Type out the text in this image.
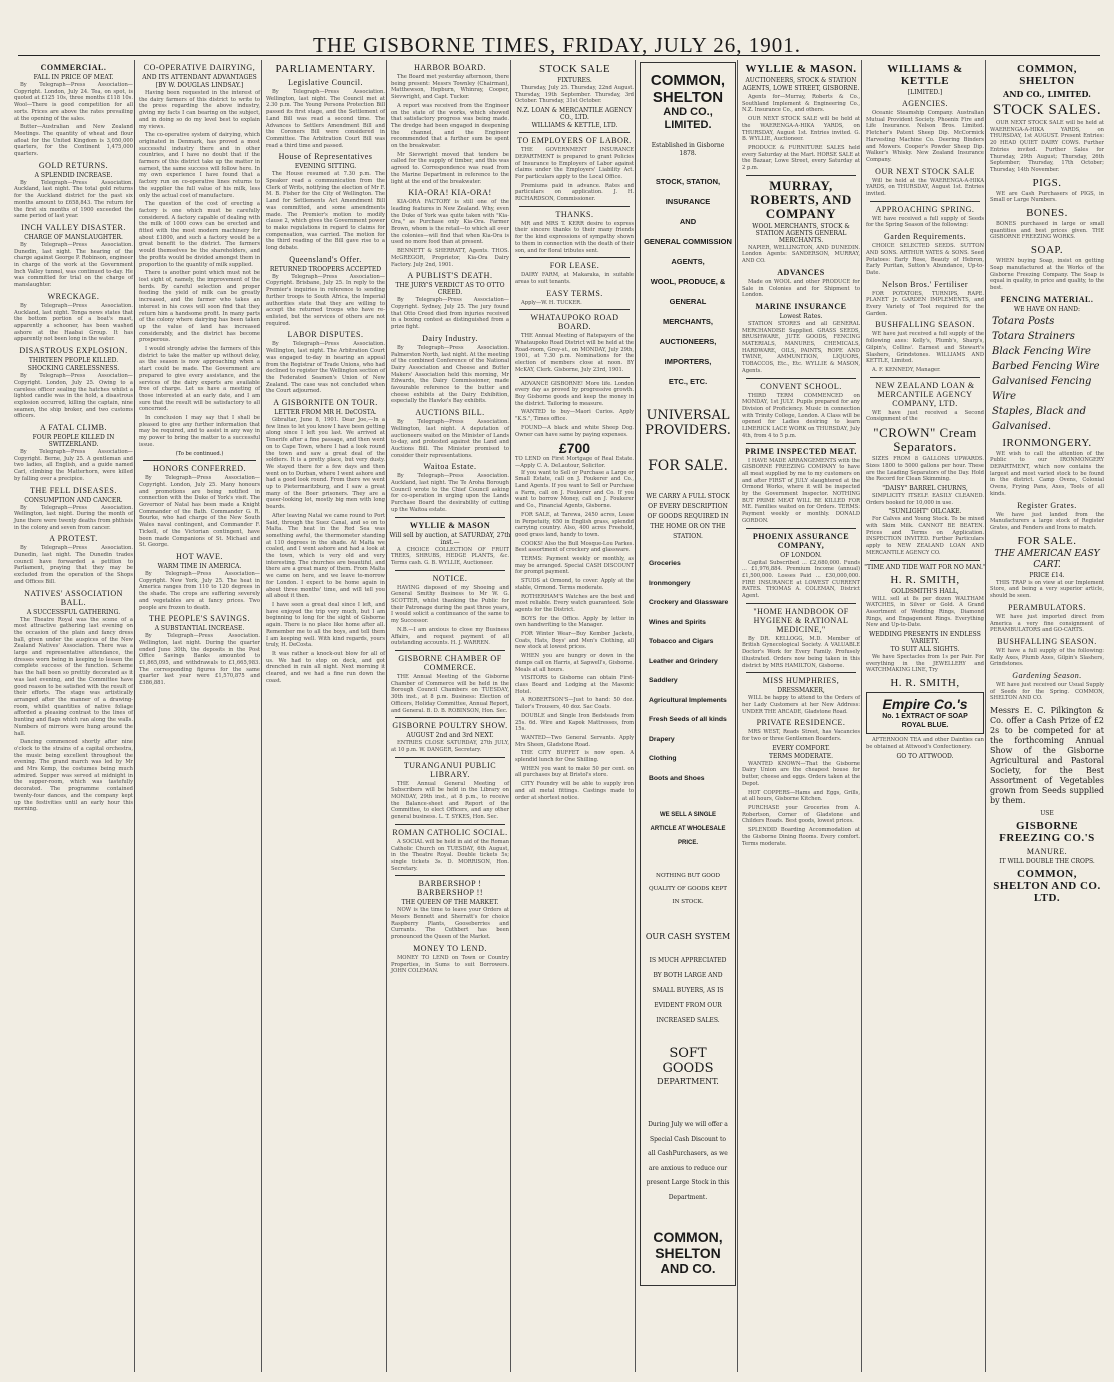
THE GISBORNE TIMES, FRIDAY, JULY 26, 1901.
COMMERCIAL.
FALL IN PRICE OF MEAT.

By Telegraph—Press Association—Copyright. London, July 24. Tea, on spot, is quoted at £125 10s, three months £118 10s. Wool—There is good competition for all sorts. Prices are above the rates prevailing at the opening of the sales.

Butter—Australian and New Zealand Meetings. The quantity of wheat and flour afloat for the United Kingdom is 3,050,000 quarters, for the Continent 1,475,000 quarters.

GOLD RETURNS.
A SPLENDID INCREASE.

By Telegraph—Press Association. Auckland, last night. The total gold returns for the Auckland district for the past six months amount to £658,843. The return for the first six months of 1900 exceeded the same period of last year.

INCH VALLEY DISASTER.
CHARGE OF MANSLAUGHTER.

By Telegraph—Press Association. Dunedin, last night. The hearing of the charge against George P. Robinson, engineer in charge of the work at the Government Inch Valley tunnel, was continued to-day. He was committed for trial on the charge of manslaughter.

WRECKAGE.

By Telegraph—Press Association. Auckland, last night. Tonga news states that the bottom portion of a boat's mast, apparently a schooner, has been washed ashore at the Haabai Group. It has apparently not been long in the water.

DISASTROUS EXPLOSION.
THIRTEEN PEOPLE KILLED.
SHOCKING CARELESSNESS.

By Telegraph—Press Association—Copyright. London, July 25. Owing to a careless officer sealing the hatches whilst a lighted candle was in the hold, a disastrous explosion occurred, killing the captain, nine seamen, the ship broker, and two customs officers.

A FATAL CLIMB.
FOUR PEOPLE KILLED IN SWITZERLAND.

By Telegraph—Press Association—Copyright. Berne, July 25. A gentleman and two ladies, all English, and a guide named Carl, climbing the Matterhorn, were killed by falling over a precipice.

THE FELL DISEASES.
CONSUMPTION AND CANCER.

By Telegraph—Press Association. Wellington, last night. During the month of June there were twenty deaths from phthisis in the colony and seven from cancer.

A PROTEST.

By Telegraph—Press Association. Dunedin, last night. The Dunedin trades council have forwarded a petition to Parliament, praying that they may be excluded from the operation of the Shops and Offices Bill.

NATIVES' ASSOCIATION BALL.
A SUCCESSFUL GATHERING.

The Theatre Royal was the scene of a most attractive gathering last evening on the occasion of the plain and fancy dress ball, given under the auspices of the New Zealand Natives' Association. There was a large and representative attendance, the dresses worn being in keeping to lessen the complete success of the function. Scheme has the hall been so prettily decorated as it was last evening, and the Committee have good reason to be satisfied with the result of their efforts. The stage was artistically arranged after the manner of a drawing-room, whilst quantities of native foliage afforded a pleasing contrast to the lines of bunting and flags which ran along the walls. Numbers of mirrors were hung around the hall.

Dancing commenced shortly after nine o'clock to the strains of a capital orchestra, the music being excellent throughout the evening. The grand march was led by Mr and Mrs Kemp, the costumes being much admired. Supper was served at midnight in the supper-room, which was tastefully decorated. The programme contained twenty-four dances, and the company kept up the festivities until an early hour this morning.

CO-OPERATIVE DAIRYING,
AND ITS ATTENDANT ADVANTAGES
[BY W. DOUGLAS LINDSAY.]

Having been requested in the interest of the dairy farmers of this district to write to the press regarding the above industry, giving my facts I can bearing on the subject, and in doing so do my level best to explain my views.

The co-operative system of dairying, which originated in Denmark, has proved a most successful industry there and in other countries, and I have no doubt that if the farmers of this district take up the matter in earnest, the same success will follow here. In my own experience I have found that a factory run on co-operative lines returns to the supplier the full value of his milk, less only the actual cost of manufacture.

The question of the cost of erecting a factory is one which must be carefully considered. A factory capable of dealing with the milk of 1000 cows can be erected and fitted with the most modern machinery for about £1800, and such a factory would be a great benefit to the district. The farmers would themselves be the shareholders, and the profits would be divided amongst them in proportion to the quantity of milk supplied.

There is another point which must not be lost sight of, namely, the improvement of the herds. By careful selection and proper feeding the yield of milk can be greatly increased, and the farmer who takes an interest in his cows will soon find that they return him a handsome profit. In many parts of the colony where dairying has been taken up the value of land has increased considerably, and the district has become prosperous.

I would strongly advise the farmers of this district to take the matter up without delay, as the season is now approaching when a start could be made. The Government are prepared to give every assistance, and the services of the dairy experts are available free of charge. Let us have a meeting of those interested at an early date, and I am sure that the result will be satisfactory to all concerned.

In conclusion I may say that I shall be pleased to give any further information that may be required, and to assist in any way in my power to bring the matter to a successful issue.

(To be continued.)
HONORS CONFERRED.

By Telegraph—Press Association—Copyright. London, July 25. Many honours and promotions are being notified in connection with the Duke of York's visit. The Governor of Natal has been made a Knight Commander of the Bath. Commander G. R. Bourke, who had charge of the New South Wales naval contingent, and Commander F. Tickell, of the Victorian contingent, have been made Companions of St. Michael and St. George.

HOT WAVE.
WARM TIME IN AMERICA.

By Telegraph—Press Association—Copyright. New York, July 25. The heat in America ranges from 110 to 120 degrees in the shade. The crops are suffering severely and vegetables are at fancy prices. Two people are frozen to death.

THE PEOPLE'S SAVINGS.
A SUBSTANTIAL INCREASE.

By Telegraph—Press Association. Wellington, last night. During the quarter ended June 30th, the deposits in the Post Office Savings Banks amounted to £1,865,095, and withdrawals to £1,665,983. The corresponding figures for the same quarter last year were £1,570,875 and £386,881.

PARLIAMENTARY.
Legislative Council.

By Telegraph—Press Association. Wellington, last night. The Council met at 2.30 p.m. The Young Persons Protection Bill passed its first stage, and the Settlement of Land Bill was read a second time. The Advances to Settlers Amendment Bill and the Coroners Bill were considered in Committee. The Arbitration Court Bill was read a third time and passed.

House of Representatives
EVENING SITTING.

The House resumed at 7.30 p.m. The Speaker read a communication from the Clerk of Writs, notifying the election of Mr F. M. B. Fisher for the City of Wellington. The Land for Settlements Act Amendment Bill was committed, and some amendments made. The Premier's motion to modify clause 2, which gives the Government power to make regulations in regard to claims for compensation, was carried. The motion for the third reading of the Bill gave rise to a long debate.

Queensland's Offer.
RETURNED TROOPERS ACCEPTED

By Telegraph—Press Association—Copyright. Brisbane, July 25. In reply to the Premier's inquiries in reference to sending further troops to South Africa, the Imperial authorities state that they are willing to accept the returned troops who have re-enlisted, but the services of others are not required.

LABOR DISPUTES.

By Telegraph—Press Association. Wellington, last night. The Arbitration Court was engaged to-day in hearing an appeal from the Registrar of Trade Unions, who had declined to register the Wellington section of the Federated Seamen's Union of New Zealand. The case was not concluded when the Court adjourned.

A GISBORNITE ON TOUR.
LETTER FROM MR H. DeCOSTA.

Gibraltar, June 8, 1901. Dear Joe,—In a few lines to let you know I have been getting along since I left you last. We arrived at Tenerife after a fine passage, and then went on to Cape Town, where I had a look round the town and saw a great deal of the soldiers. It is a pretty place, but very dusty. We stayed there for a few days and then went on to Durban, where I went ashore and had a good look round. From there we went up to Pietermaritzburg, and I saw a great many of the Boer prisoners. They are a queer-looking lot, mostly big men with long beards.

After leaving Natal we came round to Port Said, through the Suez Canal, and so on to Malta. The heat in the Red Sea was something awful, the thermometer standing at 110 degrees in the shade. At Malta we coaled, and I went ashore and had a look at the town, which is very old and very interesting. The churches are beautiful, and there are a great many of them. From Malta we came on here, and we leave to-morrow for London. I expect to be home again in about three months' time, and will tell you all about it then.

I have seen a great deal since I left, and have enjoyed the trip very much, but I am beginning to long for the sight of Gisborne again. There is no place like home after all. Remember me to all the boys, and tell them I am keeping well. With kind regards, yours truly, H. DeCosta.

It was rather a knock-out blow for all of us. We had to stop on deck, and got drenched in rain all night. Next morning it cleared, and we had a fine run down the coast.

HARBOR BOARD.

The Board met yesterday afternoon, there being present: Messrs Townley (Chairman), Matthewson, Hepburn, Whinray, Cooper, Sievwright, and Capt. Tucker.

A report was received from the Engineer on the state of the works, which showed that satisfactory progress was being made. The dredge had been engaged in deepening the channel, and the Engineer recommended that a further sum be spent on the breakwater.

Mr Sievwright moved that tenders be called for the supply of timber, and this was agreed to. Correspondence was read from the Marine Department in reference to the light at the end of the breakwater.

KIA-ORA! KIA-ORA!

KIA-ORA FACTORY is still one of the leading features in New Zealand. Why, even the Duke of York was quite taken with "Kia-Ora," as Purchase only Kia-Ora. Farmer Brown, whom is the retail—to which all over the colonies—will find that when Kia-Ora is used no more food than at present.

BENNETT & SHERRATT, Agents. THOS. McGREGOR, Proprietor, Kia-Ora Dairy Factory. July 2nd, 1901.

A PUBLIST'S DEATH.
THE JURY'S VERDICT AS TO OTTO CREED.

By Telegraph—Press Association—Copyright. Sydney, July 25. The jury found that Otto Creed died from injuries received in a boxing contest as distinguished from a prize fight.

Dairy Industry.

By Telegraph—Press Association. Palmerston North, last night. At the meeting of the combined Conference of the National Dairy Association and Cheese and Butter Makers' Association held this morning, Mr Edwards, the Dairy Commissioner, made favourable reference to the butter and cheese exhibits at the Dairy Exhibition, especially the Hawke's Bay exhibits.

AUCTIONS BILL.

By Telegraph—Press Association. Wellington, last night. A deputation of auctioneers waited on the Minister of Lands to-day, and protested against the Land and Auctions Bill. The Minister promised to consider their representations.

Waitoa Estate.

By Telegraph—Press Association. Auckland, last night. The Te Aroha Borough Council wrote to the Chief Council asking for co-operation in urging upon the Lands Purchase Board the desirability of cutting up the Waitoa estate.

WYLLIE & MASON
Will sell by auction, at SATURDAY, 27th inst.—

A CHOICE COLLECTION OF FRUIT TREES, SHRUBS, HEDGE PLANTS, &c. Terms cash. G. B. WYLLIE, Auctioneer.

NOTICE.

HAVING disposed of my Shoeing and General Smithy Business to Mr W. G. SCOTTER, whilst thanking the Public for their Patronage during the past three years, I would solicit a continuance of the same to my Successor.

N.B.—I am anxious to close my Business Affairs, and request payment of all outstanding accounts. H. J. WARREN.

GISBORNE CHAMBER OF COMMERCE.

THE Annual Meeting of the Gisborne Chamber of Commerce will be held in the Borough Council Chambers on TUESDAY, 30th inst., at 8 p.m. Business: Election of Officers, Holiday Committee, Annual Report, and General. B. D. B. ROBINSON, Hon. Sec.

GISBORNE POULTRY SHOW.
AUGUST 2nd and 3rd NEXT.

ENTRIES CLOSE SATURDAY, 27th JULY, at 10 p.m. W. DANGER, Secretary.

TURANGANUI PUBLIC LIBRARY.

THE Annual General Meeting of Subscribers will be held in the Library on MONDAY, 29th inst., at 8 p.m., to receive the Balance-sheet and Report of the Committee, to elect Officers, and any other general business. L. T. SYKES, Hon. Sec.

ROMAN CATHOLIC SOCIAL.

A SOCIAL will be held in aid of the Roman Catholic Church on TUESDAY, 6th August, in the Theatre Royal. Double tickets 5s; single tickets 3s. D. MORRISON, Hon. Secretary.

BARBERSHOP ! BARBERSHOP !!
THE QUEEN OF THE MARKET.

NOW is the time to leave your Orders at Messrs Bennett and Sherratt's for choice Raspberry Plants, Gooseberries and Currants. The Cuthbert has been pronounced the Queen of the Market.

MONEY TO LEND.

MONEY TO LEND on Town or Country Properties, in Sums to suit Borrowers. JOHN COLEMAN.

STOCK SALE
FIXTURES.

Thursday, July 25. Thursday, 22nd August. Thursday, 19th September. Thursday, 3rd October. Thursday, 31st October.

N.Z. LOAN & MERCANTILE AGENCY CO., LTD.
WILLIAMS & KETTLE, LTD.
TO EMPLOYERS OF LABOR.

THE GOVERNMENT INSURANCE DEPARTMENT is prepared to grant Policies of Insurance to Employers of Labor against claims under the Employers' Liability Act. For particulars apply to the Local Office.

Premiums paid in advance. Rates and particulars on application. J. H. RICHARDSON, Commissioner.

THANKS.

MR and MRS T. KERR desire to express their sincere thanks to their many friends for the kind expressions of sympathy shown to them in connection with the death of their son, and for floral tributes sent.

FOR LEASE.

DAIRY FARM, at Makaraka, in suitable areas to suit tenants.

EASY TERMS.

Apply—W. H. TUCKER.

WHATAUPOKO ROAD BOARD.

THE Annual Meeting of Ratepayers of the Whataupoko Road District will be held at the Road-room, Grey-st., on MONDAY, July 29th, 1901, at 7.30 p.m. Nominations for the election of members close at noon. BY McKAY, Clerk. Gisborne, July 23rd, 1901.

ADVANCE GISBORNE! More life. London every day as proved by progressive growth. Buy Gisborne goods and keep the money in the district. Tailoring to measure.

WANTED to buy—Maori Curios. Apply "K.S.", Times office.

FOUND—A black and white Sheep Dog. Owner can have same by paying expenses.

£700
TO LEND on First Mortgage of Real Estate.—Apply C. A. DeLautour, Solicitor.

If you want to Sell or Purchase a Large or Small Estate, call on J. Foukerer and Co., Land Agents. If you want to Sell or Purchase a Farm, call on J. Foukerer and Co. If you want to borrow Money, call on J. Foukerer and Co., Financial Agents, Gisborne.

FOR SALE, at Tarewa, 2450 acres, Lease in Perpetuity, 650 in English grass, splendid carrying country. Also, 400 acres Freehold, good grass land, handy to town.

COOKS! Also the Bull Mosque-Lou Parkes. Best assortment of crockery and glassware.

TERMS: Payment weekly or monthly, as may be arranged. Special CASH DISCOUNT for prompt payment.

STUDS at Ormond, to cover. Apply at the stable, Ormond. Terms moderate.

ROTHERHAM'S Watches are the best and most reliable. Every watch guaranteed. Sole agents for the District.

BOYS for the Office. Apply by letter in own handwriting to the Manager.

FOR Winter Wear—Buy Kember Jackets, Coats, Hats, Boys' and Men's Clothing, all new stock at lowest prices.

WHEN you are hungry or down in the dumps call on Harris, at Sapwell's, Gisborne. Meals at all hours.

VISITORS to Gisborne can obtain First-class Board and Lodging at the Masonic Hotel.

A ROBERTSON'S—Just to hand: 50 doz. Tailor's Trousers, 40 doz. Sac Coats.

DOUBLE and Single Iron Bedsteads from 25s. 6d. Wire and Kapok Mattresses, from 15s.

WANTED—Two General Servants. Apply Mrs Sheen, Gladstone Road.

THE CITY BUFFET is now open. A splendid lunch for One Shilling.

WHEN you want to make 50 per cent. on all purchases buy at Bristol's store.

CITY Foundry will be able to supply iron and all metal fittings. Castings made to order at shortest notice.

COMMON, SHELTON
AND CO., LIMITED.
Established in Gisborne 1878.
STOCK, STATION, INSURANCE
AND
GENERAL COMMISSION
AGENTS,
WOOL, PRODUCE, & GENERAL
MERCHANTS,
AUCTIONEERS, IMPORTERS,
ETC., ETC.
UNIVERSAL
PROVIDERS.
FOR SALE.
WE CARRY A FULL STOCK OF EVERY DESCRIPTION OF GOODS REQUIRED IN THE HOME OR ON THE STATION.
Groceries
Ironmongery
Crockery and Glassware
Wines and Spirits
Tobacco and Cigars
Leather and Grindery
Saddlery
Agricultural Implements
Fresh Seeds of all kinds
Drapery
Clothing
Boots and Shoes
WE SELL A SINGLE ARTICLE AT WHOLESALE PRICE.
NOTHING BUT GOOD QUALITY OF GOODS KEPT IN STOCK.
OUR CASH SYSTEM
IS MUCH APPRECIATED BY BOTH LARGE AND SMALL BUYERS, AS IS EVIDENT FROM OUR INCREASED SALES.
SOFT GOODS
DEPARTMENT.
During July we will offer a Special Cash Discount to all CashPurchasers, as we are anxious to reduce our present Large Stock in this Department.
COMMON, SHELTON
AND CO.
WYLLIE & MASON.
AUCTIONEERS, STOCK & STATION AGENTS, LOWE STREET, GISBORNE.

Agents for—Murray, Roberts & Co., Southland Implement & Engineering Co., N.Z. Insurance Co., and others.

OUR NEXT STOCK SALE will be held at the WAERENGA-A-HIKA YARDS, on THURSDAY, August 1st. Entries invited. G. B. WYLLIE, Auctioneer.

PRODUCE & FURNITURE SALES held every Saturday at the Mart. HORSE SALE at the Bazaar, Lowe Street, every Saturday at 2 p.m.

MURRAY, ROBERTS, AND COMPANY
WOOL MERCHANTS, STOCK & STATION AGENTS GENERAL MERCHANTS.

NAPIER, WELLINGTON, AND DUNEDIN. London Agents: SANDERSON, MURRAY, AND CO.

ADVANCES

Made on WOOL and other PRODUCE for Sale in Colonies and for Shipment to London.

MARINE INSURANCE
Lowest Rates.

STATION STORES and all GENERAL MERCHANDISE Supplied. GRASS SEEDS, BRUSHWARE, JUTE GOODS, FENCING MATERIALS, MANURES, CHEMICALS, HARDWARE, OILS, PAINTS, ROPE AND TWINE, AMMUNITION, LIQUORS, TOBACCOS, Etc., Etc. WYLLIE & MASON, Agents.

CONVENT SCHOOL.

THIRD TERM COMMENCED on MONDAY, 1st JULY. Pupils prepared for any Division of Proficiency. Music in connection with Trinity College, London. A Class will be opened for Ladies desiring to learn LIMERICK LACE WORK on THURSDAY, July 4th, from 4 to 5 p.m.

PRIME INSPECTED MEAT.

I HAVE MADE ARRANGEMENTS with the GISBORNE FREEZING COMPANY to have all meat supplied by me to my customers on and after FIRST of JULY slaughtered at the Ormond Works, where it will be inspected by the Government Inspector. NOTHING BUT PRIME MEAT WILL BE KILLED FOR ME. Families waited on for Orders. TERMS: Payment weekly or monthly. DONALD GORDON.

PHOENIX ASSURANCE COMPANY,
OF LONDON.

Capital Subscribed ... £2,680,000. Funds ... £1,976,884. Premium Income (annual) £1,500,000. Losses Paid ... £30,000,000. FIRE INSURANCE at LOWEST CURRENT RATES. THOMAS A. COLEMAN, District Agent.

"HOME HANDBOOK OF HYGIENE & RATIONAL MEDICINE,"

By DR. KELLOGG, M.D. Member of British Gynecological Society. A VALUABLE Doctor's Work for Every Family. Profusely illustrated. Orders now being taken in this district by MRS HAMILTON, Gisborne.

MISS HUMPHRIES,
DRESSMAKER,

WILL be happy to attend to the Orders of her Lady Customers at her New Address: UNDER THE ARCADE, Gladstone Road.

PRIVATE RESIDENCE.

MRS WEST, Reads Street, has Vacancies for two or three Gentlemen Boarders.

EVERY COMFORT.
TERMS MODERATE.

WANTED KNOWN—That the Gisborne Dairy Union are the cheapest house for butter, cheese and eggs. Orders taken at the Depot.

HOT COPPERS—Hams and Eggs, Grills, at all hours, Gisborne Kitchen.

PURCHASE your Groceries from A. Robertson, Corner of Gladstone and Childers Roads. Best goods, lowest prices.

SPLENDID Boarding Accommodation at the Gisborne Dining Rooms. Every comfort. Terms moderate.

WILLIAMS & KETTLE
[LIMITED.]
AGENCIES.

Oceanic Steamship Company. Australian Mutual Provident Society. Phoenix Fire and Life Insurance. Nelson Bros. Limited. Fletcher's Patent Sheep Dip. McCormick Harvesting Machine Co. Deering Binders and Mowers. Cooper's Powder Sheep Dip. Walker's Whisky. New Zealand Insurance Company.

OUR NEXT STOCK SALE

Will be held at the WAERENGA-A-HIKA YARDS, on THURSDAY, August 1st. Entries invited.

APPROACHING SPRING.

WE have received a full supply of Seeds for the Spring Season of the following:

Garden Requirements.

CHOICE SELECTED SEEDS. SUTTON AND SONS. ARTHUR YATES & SONS. Seed Potatoes: Early Rose, Beauty of Hebron, Early Puritan, Sutton's Abundance, Up-to-Date.

Nelson Bros.' Fertiliser

FOR POTATOES, TURNIPS, RAPE. PLANET Jr. GARDEN IMPLEMENTS, and Every Variety of Tool required for the Garden.

BUSHFALLING SEASON.

WE have just received a full supply of the following axes: Kelly's, Plumb's, Sharp's, Gilpin's, Collins'. Earnest and Stewart's Slashers, Grindstones. WILLIAMS AND KETTLE, Limited.

A. F. KENNEDY, Manager.

NEW ZEALAND LOAN & MERCANTILE AGENCY COMPANY, LTD.

WE have just received a Second Consignment of the

"CROWN" Cream Separators.

SIZES FROM 8 GALLONS UPWARDS. Sizes 1800 to 5000 gallons per hour. These are the Leading Separators of the Day. Hold the Record for Clean Skimming.

"DAISY" BARREL CHURNS,

SIMPLICITY ITSELF. EASILY CLEANED. Orders booked for 10,000 in use.

"SUNLIGHT" OILCAKE.

For Calves and Young Stock. To be mixed with Skim Milk. CANNOT BE BEATEN. Prices and Terms on Application. INSPECTION INVITED. Further Particulars apply to NEW ZEALAND LOAN AND MERCANTILE AGENCY CO.

"TIME AND TIDE WAIT FOR NO MAN."
H. R. SMITH,
GOLDSMITH'S HALL,

WILL sell at 8s per dozen WALTHAM WATCHES, in Silver or Gold. A Grand Assortment of Wedding Rings, Diamond Rings, and Engagement Rings. Everything New and Up-to-Date.

WEDDING PRESENTS IN ENDLESS VARIETY.
TO SUIT ALL SIGHTS.

We have Spectacles from 1s per Pair. For everything in the JEWELLERY and WATCHMAKING LINE, Try

H. R. SMITH,
Empire Co.'s
No. 1 EXTRACT OF SOAP
ROYAL BLUE.

AFTERNOON TEA and other Dainties can be obtained at Attwood's Confectionery.

GO TO ATTWOOD.
COMMON, SHELTON
AND CO., LIMITED.
STOCK SALES.

OUR NEXT STOCK SALE will be held at WAERENGA-A-HIKA YARDS, on THURSDAY, 1st AUGUST. Present Entries: 20 HEAD QUIET DAIRY COWS. Further Entries invited. Further Sales for Thursday, 29th August; Thursday, 26th September; Thursday, 17th October; Thursday, 14th November.

PIGS.

WE are Cash Purchasers of PIGS, in Small or Large Numbers.

BONES.

BONES purchased in large or small quantities and best prices given. THE GISBORNE FREEZING WORKS.

SOAP.

WHEN buying Soap, insist on getting Soap manufactured at the Works of the Gisborne Freezing Company. The Soap is equal in quality, in price and quality, to the best.

FENCING MATERIAL.
WE HAVE ON HAND:
Totara Posts
Totara Strainers
Black Fencing Wire
Barbed Fencing Wire
Galvanised Fencing Wire
Staples, Black and Galvanised.
IRONMONGERY.

WE wish to call the attention of the Public to our IRONMONGERY DEPARTMENT, which now contains the largest and most varied stock to be found in the district. Camp Ovens, Colonial Ovens, Frying Pans, Axes, Tools of all kinds.

Register Grates.

We have just landed from the Manufacturers a large stock of Register Grates, and Fenders and Irons to match.

FOR SALE.
THE AMERICAN EASY CART.
PRICE £14.

THIS TRAP is on view at our Implement Store, and being a very superior article, should be seen.

PERAMBULATORS.

WE have just imported direct from America a very fine consignment of PERAMBULATORS and GO-CARTS.

BUSHFALLING SEASON.

WE have a full supply of the following: Kelly Axes, Plumb Axes, Gilpin's Slashers, Grindstones.

Gardening Season.

WE have just received our Usual Supply of Seeds for the Spring. COMMON, SHELTON AND CO.

Messrs E. C. Pilkington & Co. offer a Cash Prize of £2 2s to be competed for at the forthcoming Annual Show of the Gisborne Agricultural and Pastoral Society, for the Best Assortment of Vegetables grown from Seeds supplied by them.
USE
GISBORNE FREEZING CO.'S
MANURE.
IT WILL DOUBLE THE CROPS.
COMMON, SHELTON AND CO. LTD.
